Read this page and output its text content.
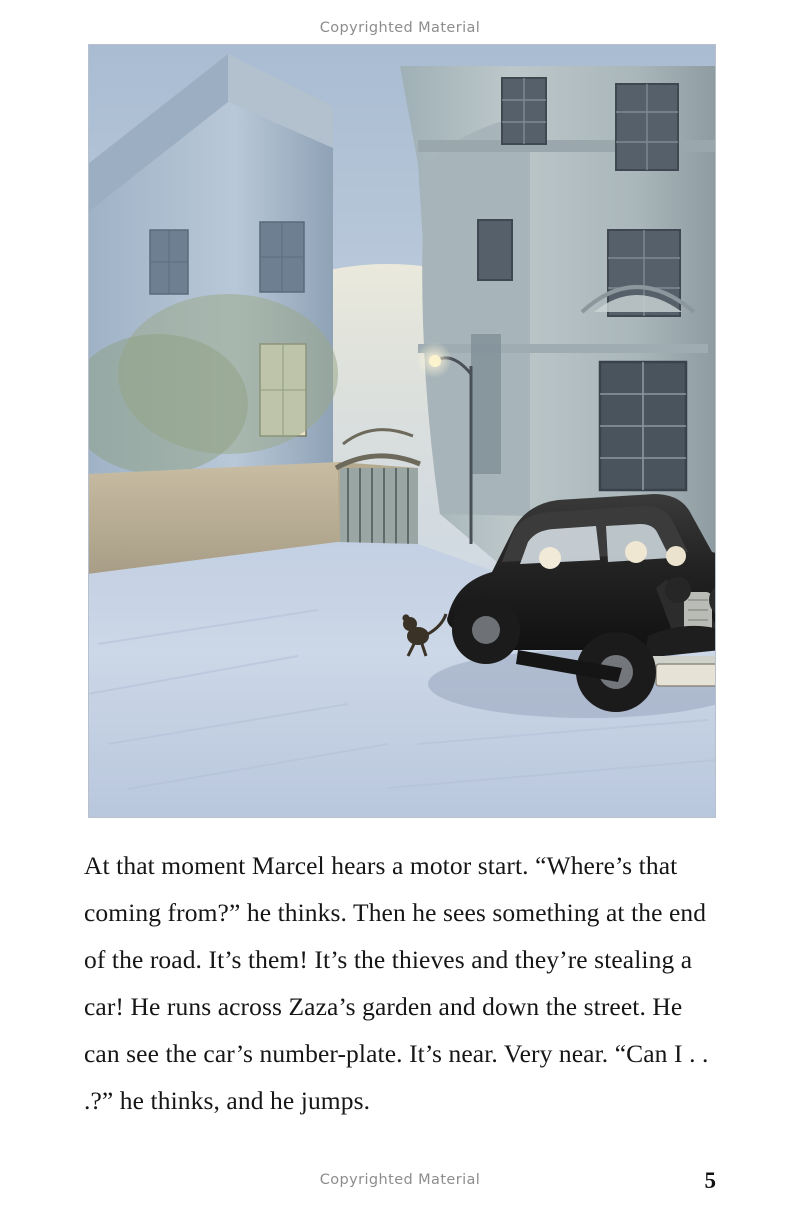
Copyrighted Material

At that moment Marcel hears a motor start. “Where’s that coming from?” he thinks. Then he sees something at the end of the road. It’s them! It’s the thieves and they’re stealing a car! He runs across Zaza’s garden and down the street. He can see the car’s number-plate. It’s near. Very near. “Can I . . .?” he thinks, and he jumps.

Copyrighted Material	5
